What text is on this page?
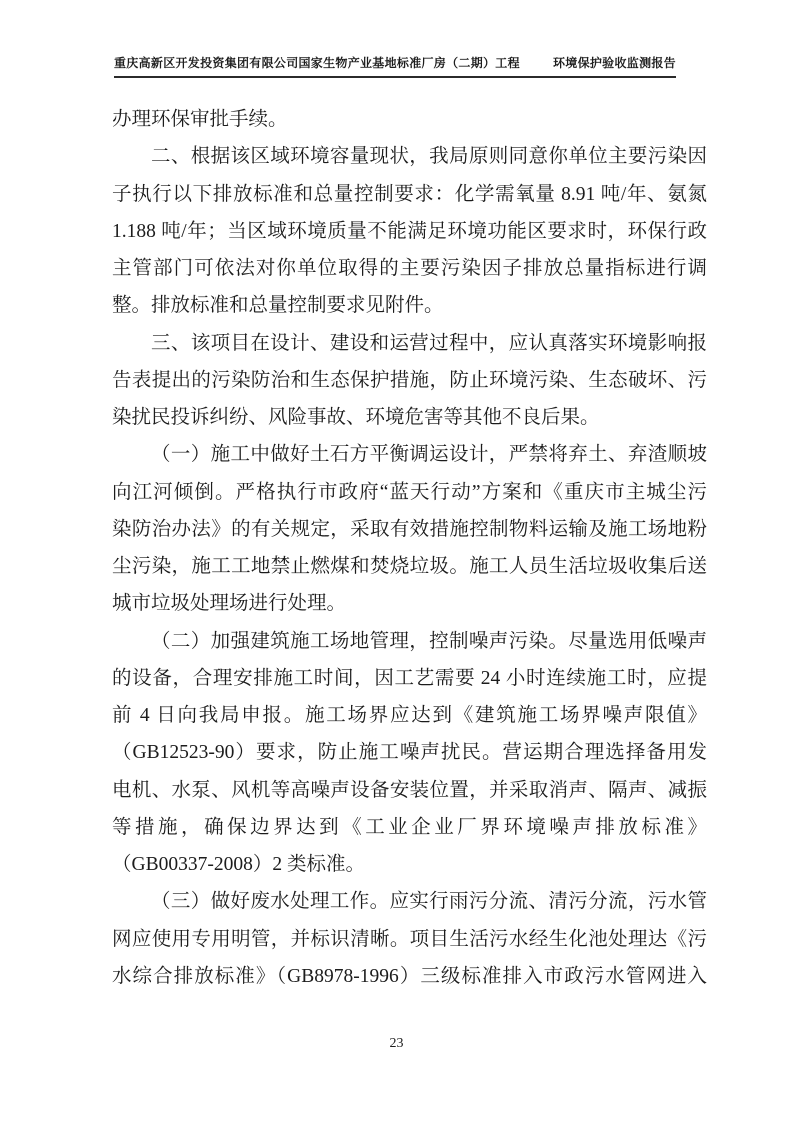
重庆高新区开发投资集团有限公司国家生物产业基地标准厂房（二期）工程	环境保护验收监测报告
办理环保审批手续。
二、根据该区域环境容量现状，我局原则同意你单位主要污染因
子执行以下排放标准和总量控制要求：化学需氧量 8.91 吨/年、氨氮
1.188 吨/年；当区域环境质量不能满足环境功能区要求时，环保行政
主管部门可依法对你单位取得的主要污染因子排放总量指标进行调
整。排放标准和总量控制要求见附件。
三、该项目在设计、建设和运营过程中，应认真落实环境影响报
告表提出的污染防治和生态保护措施，防止环境污染、生态破坏、污
染扰民投诉纠纷、风险事故、环境危害等其他不良后果。
（一）施工中做好土石方平衡调运设计，严禁将弃土、弃渣顺坡
向江河倾倒。严格执行市政府“蓝天行动”方案和《重庆市主城尘污
染防治办法》的有关规定，采取有效措施控制物料运输及施工场地粉
尘污染，施工工地禁止燃煤和焚烧垃圾。施工人员生活垃圾收集后送
城市垃圾处理场进行处理。
（二）加强建筑施工场地管理，控制噪声污染。尽量选用低噪声
的设备，合理安排施工时间，因工艺需要 24 小时连续施工时，应提
前 4 日向我局申报。施工场界应达到《建筑施工场界噪声限值》
（GB12523-90）要求，防止施工噪声扰民。营运期合理选择备用发
电机、水泵、风机等高噪声设备安装位置，并采取消声、隔声、减振
等措施，确保边界达到《工业企业厂界环境噪声排放标准》
（GB00337-2008）2 类标准。
（三）做好废水处理工作。应实行雨污分流、清污分流，污水管
网应使用专用明管，并标识清晰。项目生活污水经生化池处理达《污
水综合排放标准》（GB8978-1996）三级标准排入市政污水管网进入
23
